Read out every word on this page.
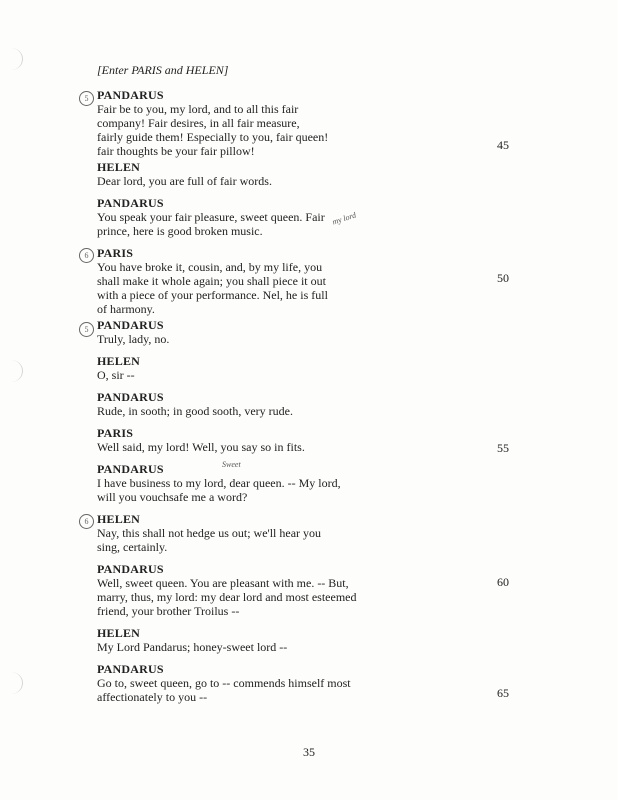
[Enter PARIS and HELEN]
PANDARUS
Fair be to you, my lord, and to all this fair
company! Fair desires, in all fair measure,
fairly guide them! Especially to you, fair queen!
fair thoughts be your fair pillow!
HELEN
Dear lord, you are full of fair words.
PANDARUS
You speak your fair pleasure, sweet queen. Fair
prince, here is good broken music.
PARIS
You have broke it, cousin, and, by my life, you
shall make it whole again; you shall piece it out
with a piece of your performance. Nel, he is full
of harmony.
PANDARUS
Truly, lady, no.
HELEN
O, sir --
PANDARUS
Rude, in sooth; in good sooth, very rude.
PARIS
Well said, my lord! Well, you say so in fits.
PANDARUS
I have business to my lord, dear queen. -- My lord,
will you vouchsafe me a word?
HELEN
Nay, this shall not hedge us out; we'll hear you
sing, certainly.
PANDARUS
Well, sweet queen. You are pleasant with me. -- But,
marry, thus, my lord: my dear lord and most esteemed
friend, your brother Troilus --
HELEN
My Lord Pandarus; honey-sweet lord --
PANDARUS
Go to, sweet queen, go to -- commends himself most
affectionately to you --
45
50
55
60
65
35
5
6
5
6
my lord
Sweet
